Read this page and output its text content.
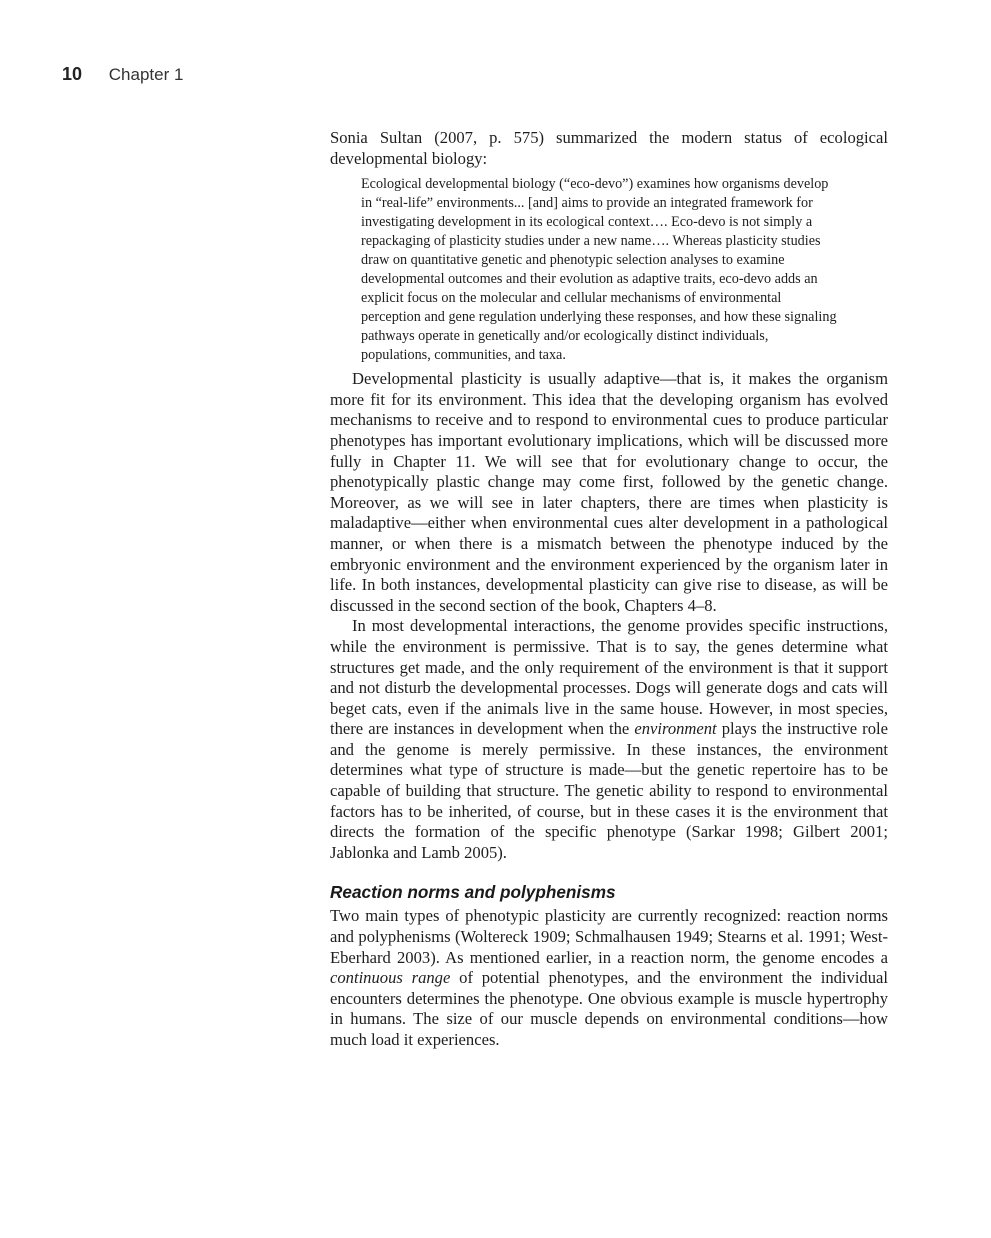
10 Chapter 1

Sonia Sultan (2007, p. 575) summarized the modern status of ecological developmental biology:

Ecological developmental biology (“eco-devo”) examines how organisms develop in “real-life” environments... [and] aims to provide an integrated framework for investigating development in its ecological context…. Eco-devo is not simply a repackaging of plasticity studies under a new name…. Whereas plasticity studies draw on quantitative genetic and phenotypic selection analyses to examine developmental outcomes and their evolution as adaptive traits, eco-devo adds an explicit focus on the molecular and cellular mechanisms of environmental perception and gene regulation underlying these responses, and how these signaling pathways operate in genetically and/or ecologically distinct individuals, populations, communities, and taxa.

Developmental plasticity is usually adaptive—that is, it makes the organism more fit for its environment. This idea that the developing organism has evolved mechanisms to receive and to respond to environmental cues to produce particular phenotypes has important evolutionary implications, which will be discussed more fully in Chapter 11. We will see that for evolutionary change to occur, the phenotypically plastic change may come first, followed by the genetic change. Moreover, as we will see in later chapters, there are times when plasticity is maladaptive—either when environmental cues alter development in a pathological manner, or when there is a mismatch between the phenotype induced by the embryonic environment and the environment experienced by the organism later in life. In both instances, developmental plasticity can give rise to disease, as will be discussed in the second section of the book, Chapters 4–8.

In most developmental interactions, the genome provides specific instructions, while the environment is permissive. That is to say, the genes determine what structures get made, and the only requirement of the environment is that it support and not disturb the developmental processes. Dogs will generate dogs and cats will beget cats, even if the animals live in the same house. However, in most species, there are instances in development when the environment plays the instructive role and the genome is merely permissive. In these instances, the environment determines what type of structure is made—but the genetic repertoire has to be capable of building that structure. The genetic ability to respond to environmental factors has to be inherited, of course, but in these cases it is the environment that directs the formation of the specific phenotype (Sarkar 1998; Gilbert 2001; Jablonka and Lamb 2005).

Reaction norms and polyphenisms

Two main types of phenotypic plasticity are currently recognized: reaction norms and polyphenisms (Woltereck 1909; Schmalhausen 1949; Stearns et al. 1991; West-Eberhard 2003). As mentioned earlier, in a reaction norm, the genome encodes a continuous range of potential phenotypes, and the environment the individual encounters determines the phenotype. One obvious example is muscle hypertrophy in humans. The size of our muscle depends on environmental conditions—how much load it experiences.
